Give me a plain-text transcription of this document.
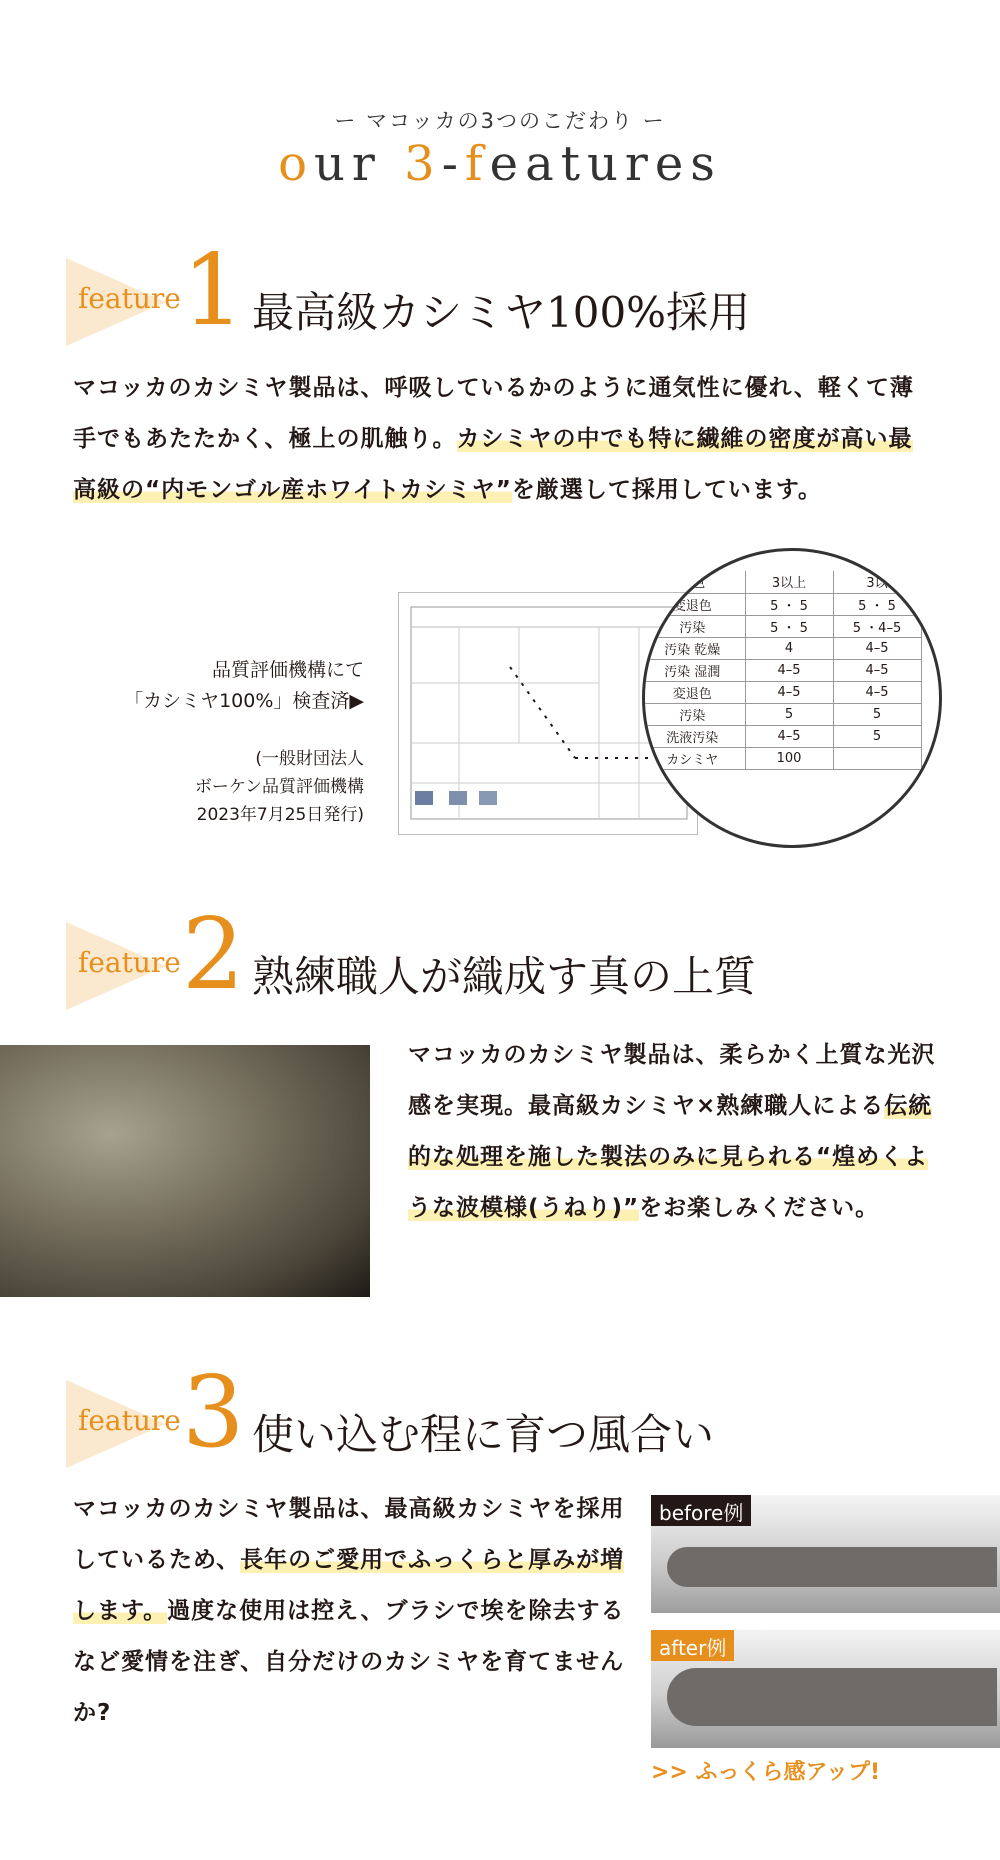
ー マコッカの3つのこだわり ー
our 3-features
feature 1 最高級カシミヤ100%採用
マコッカのカシミヤ製品は、呼吸しているかのように通気性に優れ、軽くて薄手でもあたたかく、極上の肌触り。カシミヤの中でも特に繊維の密度が高い最高級の“内モンゴル産ホワイトカシミヤ”を厳選して採用しています。
品質評価機構にて
「カシミヤ100%」検査済▶
(一般財団法人
ボーケン品質評価機構
2023年7月25日発行)
退色	3以上	3以
変退色	5 ・ 5	5 ・ 5
汚染	5 ・ 5	5 ・4–5
汚染 乾燥	4	4–5
汚染 湿潤	4–5	4–5
変退色	4–5	4–5
汚染	5	5
洗液汚染	4–5	5
カシミヤ	100	
feature 2 熟練職人が織成す真の上質
マコッカのカシミヤ製品は、柔らかく上質な光沢感を実現。最高級カシミヤ×熟練職人による伝統的な処理を施した製法のみに見られる“煌めくような波模様(うねり)”をお楽しみください。
feature 3 使い込む程に育つ風合い
マコッカのカシミヤ製品は、最高級カシミヤを採用しているため、長年のご愛用でふっくらと厚みが増します。過度な使用は控え、ブラシで埃を除去するなど愛情を注ぎ、自分だけのカシミヤを育てませんか?
before例
after例
>> ふっくら感アップ!
